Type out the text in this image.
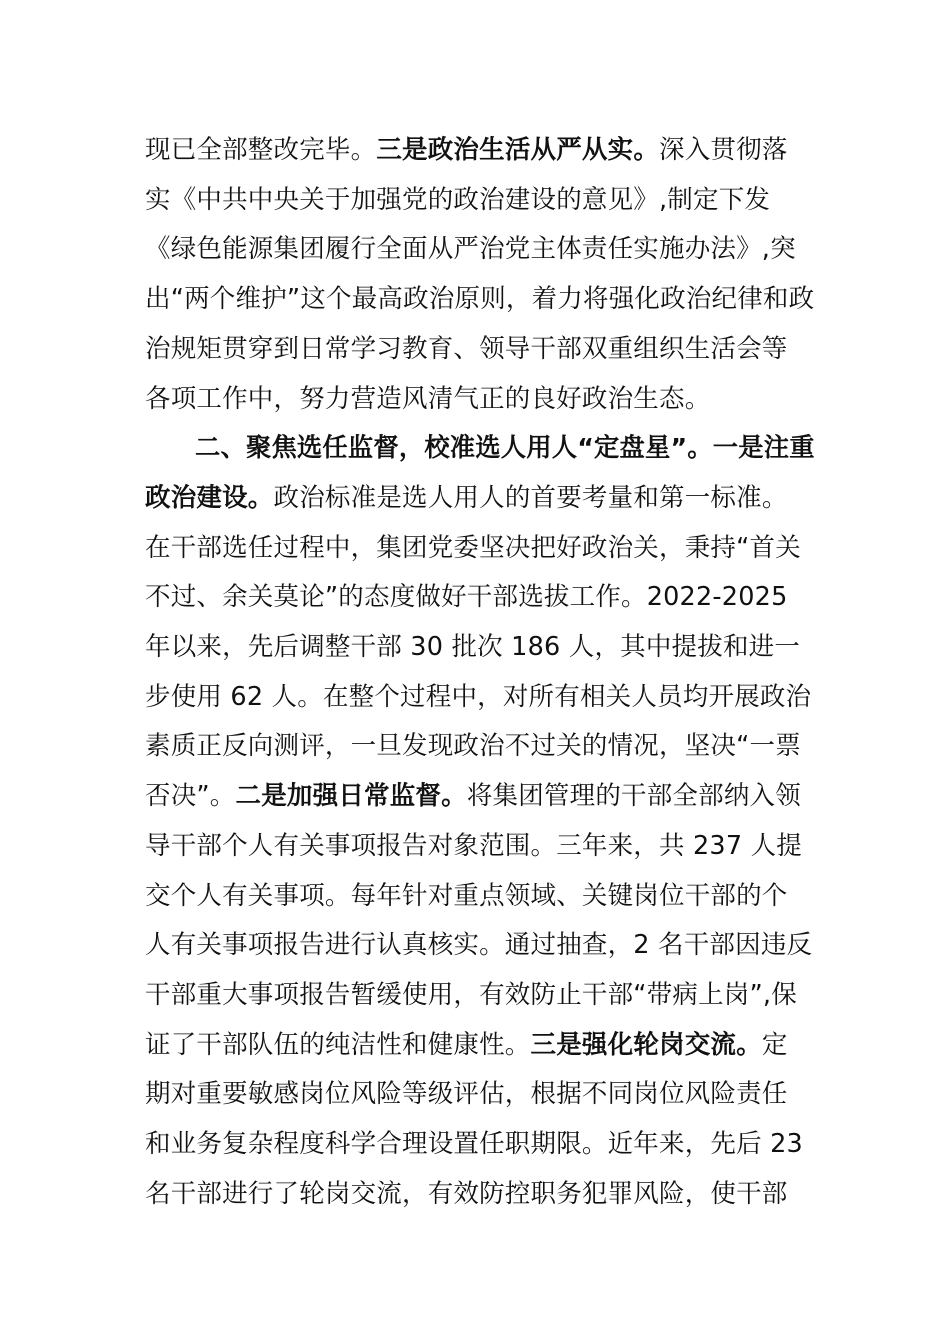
现已全部整改完毕。三是政治生活从严从实。深入贯彻落
实《中共中央关于加强党的政治建设的意见》,制定下发
《绿色能源集团履行全面从严治党主体责任实施办法》,突
出“两个维护”这个最高政治原则，着力将强化政治纪律和政
治规矩贯穿到日常学习教育、领导干部双重组织生活会等
各项工作中，努力营造风清气正的良好政治生态。
二、聚焦选任监督，校准选人用人“定盘星”。一是注重
政治建设。政治标准是选人用人的首要考量和第一标准。
在干部选任过程中，集团党委坚决把好政治关，秉持“首关
不过、余关莫论”的态度做好干部选拔工作。2022-2025
年以来，先后调整干部 30 批次 186 人，其中提拔和进一
步使用 62 人。在整个过程中，对所有相关人员均开展政治
素质正反向测评，一旦发现政治不过关的情况，坚决“一票
否决”。二是加强日常监督。将集团管理的干部全部纳入领
导干部个人有关事项报告对象范围。三年来，共 237 人提
交个人有关事项。每年针对重点领域、关键岗位干部的个
人有关事项报告进行认真核实。通过抽查，2 名干部因违反
干部重大事项报告暂缓使用，有效防止干部“带病上岗”,保
证了干部队伍的纯洁性和健康性。三是强化轮岗交流。定
期对重要敏感岗位风险等级评估，根据不同岗位风险责任
和业务复杂程度科学合理设置任职期限。近年来，先后 23
名干部进行了轮岗交流，有效防控职务犯罪风险，使干部
